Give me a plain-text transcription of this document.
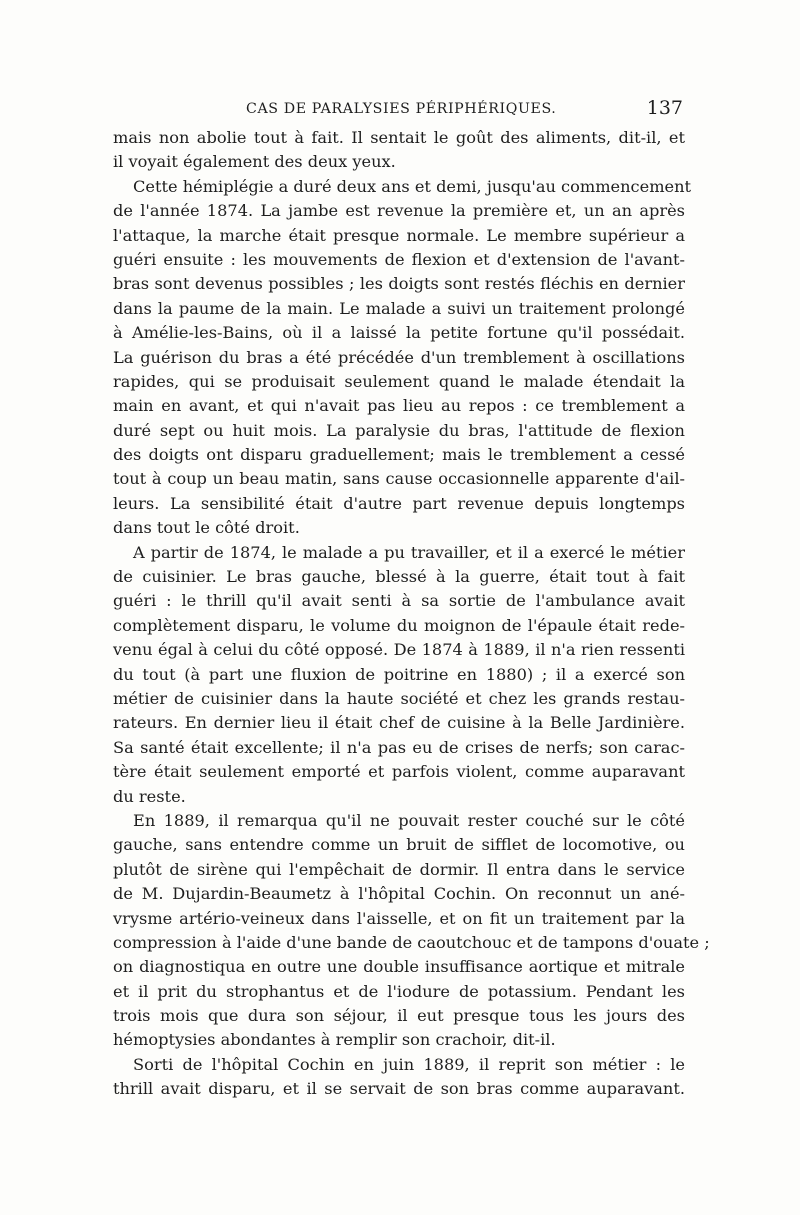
CAS DE PARALYSIES PÉRIPHÉRIQUES.	137
mais non abolie tout à fait. Il sentait le goût des aliments, dit-il, et
il voyait également des deux yeux.
Cette hémiplégie a duré deux ans et demi, jusqu'au commencement
de l'année 1874. La jambe est revenue la première et, un an après
l'attaque, la marche était presque normale. Le membre supérieur a
guéri ensuite : les mouvements de flexion et d'extension de l'avant-
bras sont devenus possibles ; les doigts sont restés fléchis en dernier
dans la paume de la main. Le malade a suivi un traitement prolongé
à Amélie-les-Bains, où il a laissé la petite fortune qu'il possédait.
La guérison du bras a été précédée d'un tremblement à oscillations
rapides, qui se produisait seulement quand le malade étendait la
main en avant, et qui n'avait pas lieu au repos : ce tremblement a
duré sept ou huit mois. La paralysie du bras, l'attitude de flexion
des doigts ont disparu graduellement; mais le tremblement a cessé
tout à coup un beau matin, sans cause occasionnelle apparente d'ail-
leurs. La sensibilité était d'autre part revenue depuis longtemps
dans tout le côté droit.
A partir de 1874, le malade a pu travailler, et il a exercé le métier
de cuisinier. Le bras gauche, blessé à la guerre, était tout à fait
guéri : le thrill qu'il avait senti à sa sortie de l'ambulance avait
complètement disparu, le volume du moignon de l'épaule était rede-
venu égal à celui du côté opposé. De 1874 à 1889, il n'a rien ressenti
du tout (à part une fluxion de poitrine en 1880) ; il a exercé son
métier de cuisinier dans la haute société et chez les grands restau-
rateurs. En dernier lieu il était chef de cuisine à la Belle Jardinière.
Sa santé était excellente; il n'a pas eu de crises de nerfs; son carac-
tère était seulement emporté et parfois violent, comme auparavant
du reste.
En 1889, il remarqua qu'il ne pouvait rester couché sur le côté
gauche, sans entendre comme un bruit de sifflet de locomotive, ou
plutôt de sirène qui l'empêchait de dormir. Il entra dans le service
de M. Dujardin-Beaumetz à l'hôpital Cochin. On reconnut un ané-
vrysme artério-veineux dans l'aisselle, et on fit un traitement par la
compression à l'aide d'une bande de caoutchouc et de tampons d'ouate ;
on diagnostiqua en outre une double insuffisance aortique et mitrale
et il prit du strophantus et de l'iodure de potassium. Pendant les
trois mois que dura son séjour, il eut presque tous les jours des
hémoptysies abondantes à remplir son crachoir, dit-il.
Sorti de l'hôpital Cochin en juin 1889, il reprit son métier : le
thrill avait disparu, et il se servait de son bras comme auparavant.
